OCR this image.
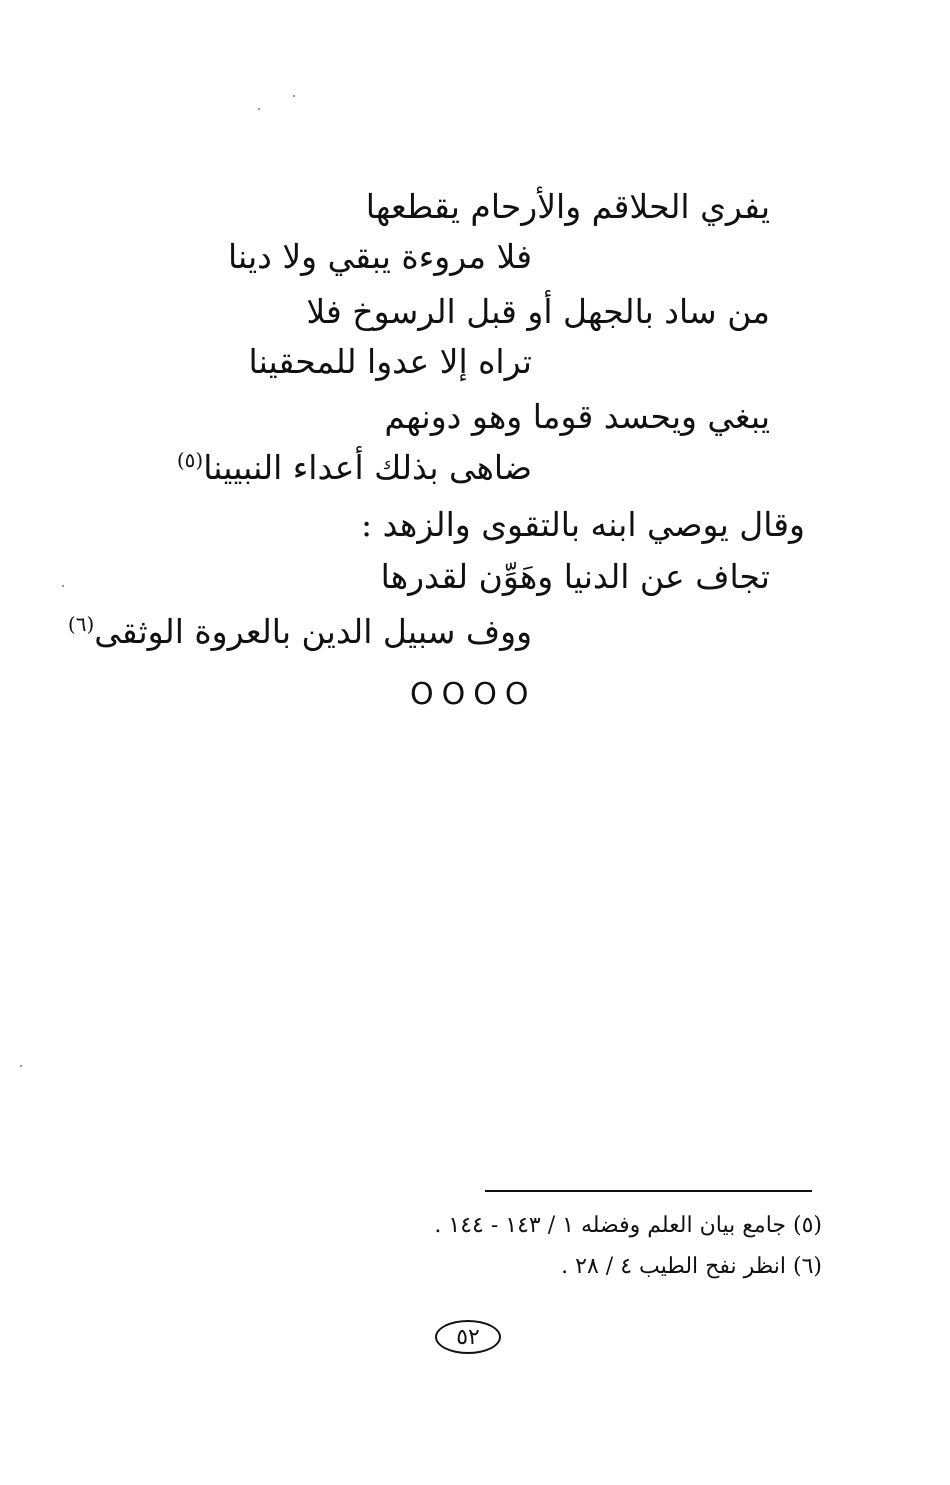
يفري الحلاقم والأرحام يقطعها
فلا مروءة يبقي ولا دينا
من ساد بالجهل أو قبل الرسوخ فلا
تراه إلا عدوا للمحقينا
يبغي ويحسد قوما وهو دونهم
ضاهى بذلك أعداء النبيينا$^{(٥)}$
وقال يوصي ابنه بالتقوى والزهد :
تجاف عن الدنيا وهَوِّن لقدرها
ووف سبيل الدين بالعروة الوثقى$^{(٦)}$
OOOO
(٥) جامع بيان العلم وفضله ١ / ١٤٣ - ١٤٤ .
(٦) انظر نفح الطيب ٤ / ٢٨ .
٥٢
